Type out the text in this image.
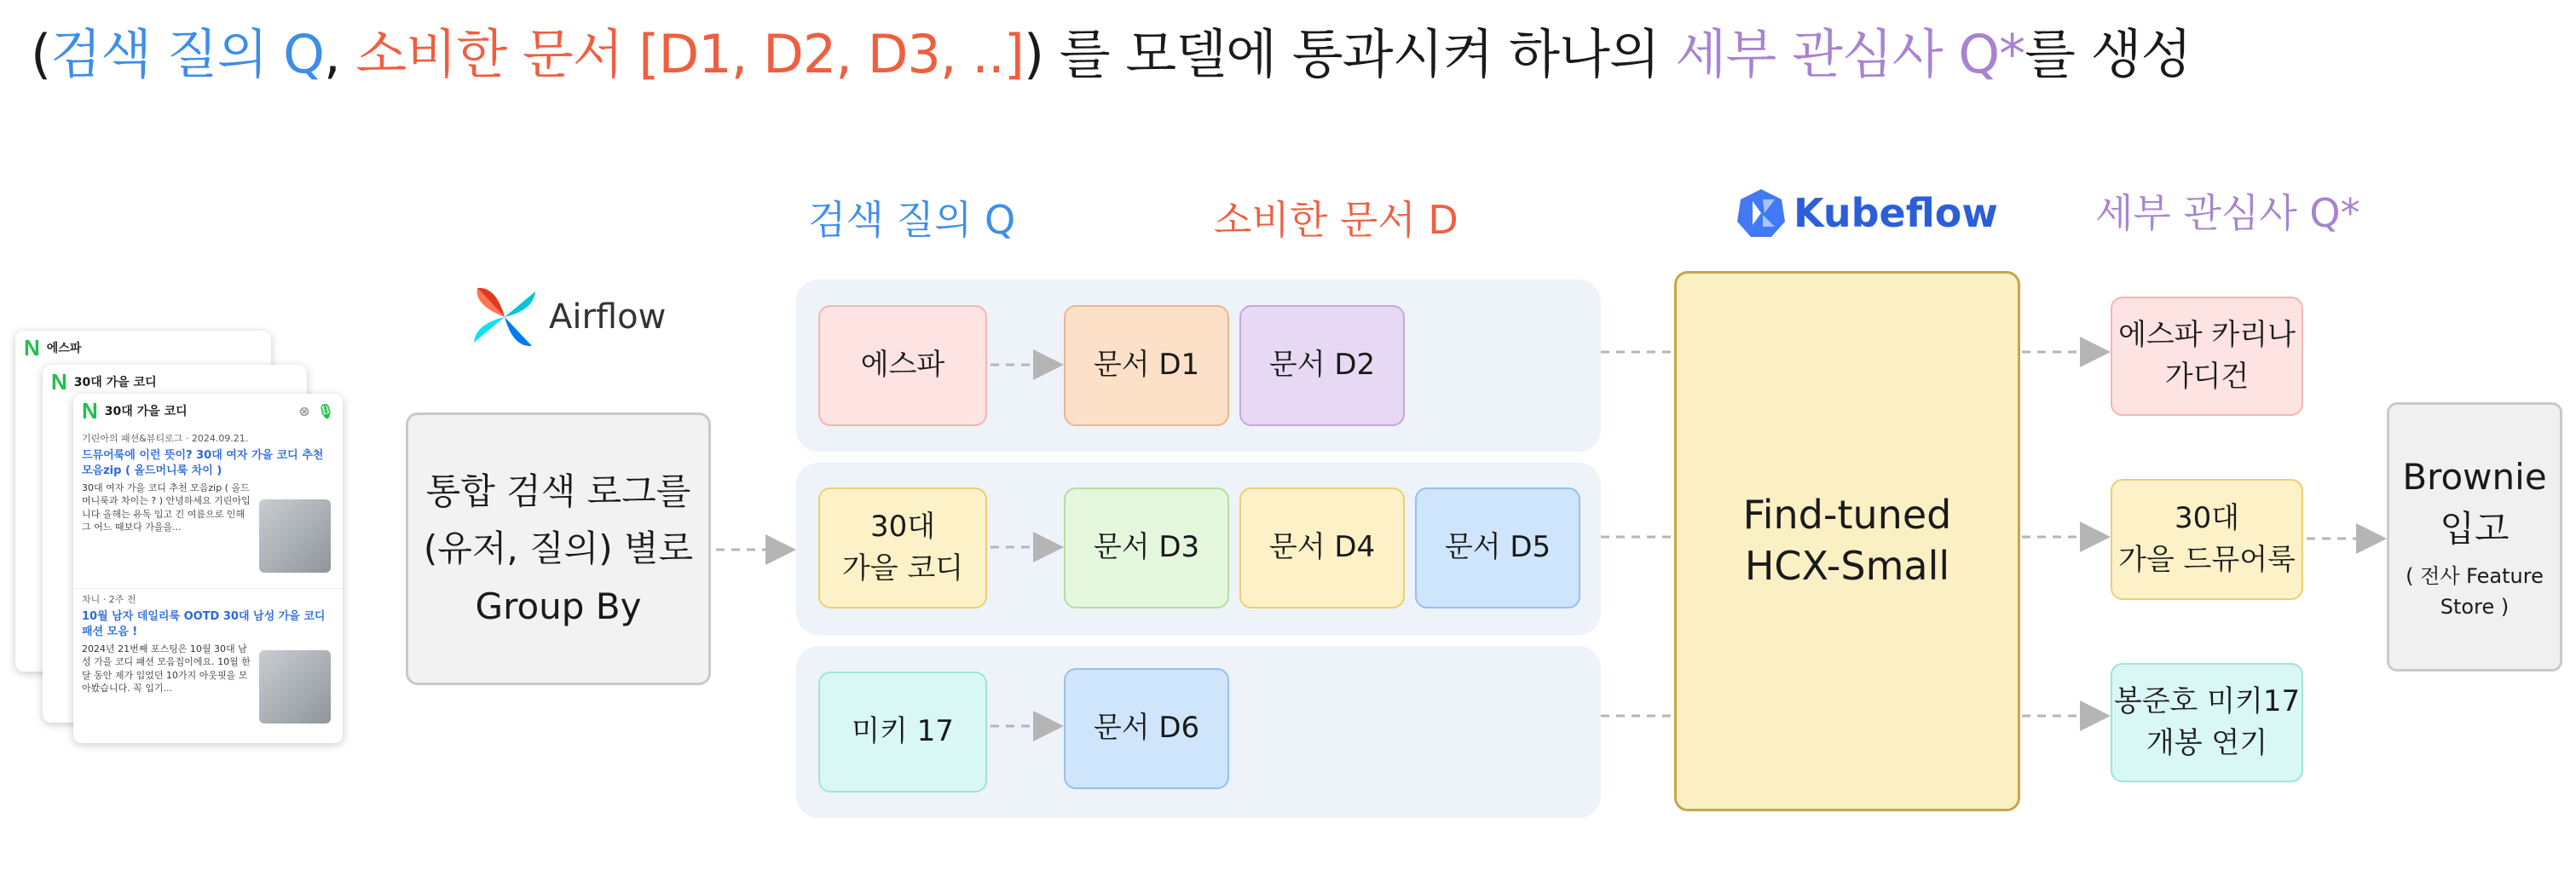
(검색 질의 Q, 소비한 문서 [D1, D2, D3, ..]) 를 모델에 통과시켜 하나의 세부 관심사 Q*를 생성
검색 질의 Q	소비한 문서 D	세부 관심사 Q*
Kubeflow
Airflow
N 에스파
N 30대 가을 코디
N 30대 가을 코디	⊗ 🎙
기린아의 패션&뷰티로그 · 2024.09.21.
드뮤어룩에 이런 뜻이? 30대 여자 가을 코디 추천 모음zip ( 올드머니룩 차이 )
30대 여자 가을 코디 추천 모음zip ( 올드머니룩과 차이는 ? ) 안녕하세요 기린아입니다 올해는 유독 입고 긴 여름으로 인해 그 어느 때보다 가을을...
차니 · 2주 전
10월 남자 데일리룩 OOTD 30대 남성 가을 코디 패션 모음 !
2024년 21번째 포스팅은 10월 30대 남성 가을 코디 패션 모음집이에요. 10월 한 달 동안 제가 입었던 10가지 아웃핏을 모아봤습니다. 꼭 입기...
통합 검색 로그를
(유저, 질의) 별로
Group By
에스파	문서 D1 문서 D2
30대
가을 코디
문서 D3 문서 D4 문서 D5
미키 17	문서 D6
Find-tuned
HCX-Small
에스파 카리나
가디건
30대
가을 드뮤어룩
봉준호 미키17
개봉 연기
Brownie
입고
( 전사 Feature
Store )
